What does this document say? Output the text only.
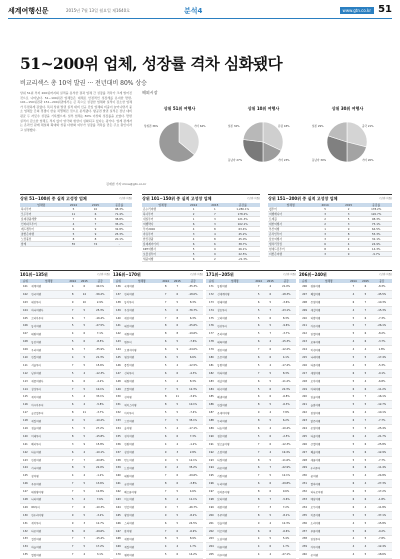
세계여행신문	2015년 7월 13일 월요일 제1640호	분석4	www.gtn.co.kr 51
51~200위 업체, 성장률 격차 심화됐다
비교리섹스 총 10억 발권 ··· 전년대비 80% 상승
상위 51위 부터 200위까지의 실적을 분석한 결과 업체 간 성장률 격차가 크게 벌어진 것으로 나타났다. 51~100위권 업체들은 대체로 안정적인 성장세를 유지한 반면, 101~150위권과 151~200위권에서는 큰 폭으로 성장한 업체와 실적이 감소한 업체가 뚜렷하게 갈렸다. 특히 상위 발권 실적 대비 신규 진입 업체의 비중이 늘어나면서 중소 업체들 간의 경쟁이 한층 치열해진 것으로 분석됐다. 항공권 발권 실적은 전년 대비 평균 두 자릿수 성장을 기록했으며, 일부 업체는 80% 이상의 성장률을 보였다. 반면 실적이 감소한 업체도 적지 않아 양극화 현상이 심화되고 있다는 평가다. 업계 관계자는 온라인 판매 채널의 확대와 상품 다변화 여부가 성장률 격차를 만든 주요 원인이라고 설명했다.
김재범 기자 mina@gtn.co.kr
해외시장
상위 51위 여행사
상위권 36%	기타 64%
상위 10위 여행사
일본 32%	유럽 18%
동남아 27%	기타 23%
상위 30위 여행사
일본 29%	중국 21%
동남아 30%	기타 20%
(단위:억원)
상위 51~100위 중 실적 고성장 업체
업체명	2014	2015	증감률
하나투어	5	10	98.3%
모두투어	11	6	71.4%
롯데관광개발	7	5	38.8%
인터파크투어	4	7	35.2%
레드캡투어	6	9	32.8%
참좋은여행	5	9	25.3%
노랑풍선	8	8	20.1%
합계	55	74	-
(단위:억원)
상위 101~150위 중 실적 고성장 업체
업체명	2014	2015	증감률
온누리여행	1	1	1,280.1%
하나투어	2	7	178.2%
내일투어	1	3	121.3%
여행박사	6	3	102.1%
투어2000	4	8	63.4%
자유투어	3	4	45.2%
한진관광	4	8	45.0%
롯데제이티비	6	6	38.7%
KRT여행사	5	9	26.1%
보물섬투어	5	9	22.5%
세중여행	6	2	-21.3%
(단위:억원)
상위 151~200위 중 실적 고성장 업체
업체명	2014	2015	증감률
웹투어	5	2	178.2%
여행매니아	3	3	120.7%
트래블	2	5	98.3%
대한여행사	2	3	75.1%
부산여행	1	9	64.5%
온라인투어	3	8	55.3%
삼호여행사	3	2	32.1%
땡처리닷컴	6	4	24.9%
현대드림투어	8	4	14.3%
더좋은여행	3	9	-9.7%
(단위:억원)
101위~135위
순위	업체명	2014	2015	증감
101	세계여행	4	6	40.1%
102	한국여행	8	14	-56.2%
103	대한투어	9	10	2.9%
104	하나여행사	7	5	25.3%
105	코리아투어	6	7	-16.4%
106	동서여행	5	5	-27.5%
107	태양여행	4	6	7.1%
108	동보여행	5	6	-8.5%
109	우리여행	6	7	-35.9%
110	한일여행	4	5	21.3%
111	서울투어	7	5	15.6%
112	남부여행	5	4	-12.3%
113	세종여행사	6	6	-4.2%
114	삼성투어	7	5	10.1%
115	제이여행	5	4	33.1%
116	아시아투어	6	4	-5.8%
117	글로벌투어	8	11	-3.7%
118	세일여행	9	5	-10.2%
119	청솔여행	5	5	27.2%
120	미래투어	8	5	-15.8%
121	해피투어	3	9	15.8%
122	다솜여행	6	4	-10.1%
123	한빛여행	7	7	-20.8%
124	가나여행	8	5	22.0%
125	참여행	4	4	-1.2%
126	푸른여행	7	5	13.6%
127	태평양여행	7	5	12.8%
128	나라여행	5	4	7.6%
129	OK투어	7	6	-10.3%
130	한누리여행	9	5	-3.2%
131	케이투어	9	3	12.7%
132	다온여행	8	6	-29.6%
133	엘림여행	7	7	-15.4%
134	하늘여행	7	5	17.2%
135	별빛여행	7	4	3.1%
(단위:억원)
136위~170위
순위	업체명	2014	2015	증감
136	국제여행	8	7	-35.3%
137	한라여행	7	6	-18.0%
138	동아투어	7	5	8.3%
139	우성여행	5	6	-76.7%
140	새한여행	7	8	6.3%
141	대림여행	8	6	-25.6%
142	세원여행	8	8	-19.6%
143	원투어	6	5	-7.6%
144	오렌지여행	6	9	-24.0%
145	명성여행	6	5	6.6%
146	중앙여행	5	4	-12.5%
147	신라투어	6	6	-4.3%
148	대원여행	5	4	8.3%
149	로얄여행	7	5	12.3%
150	진여행	8	11	-3.9%
151	에이스여행	8	5	10.1%
152	아이투어	5	5	-7.4%
153	그린여행	7	5	35.1%
154	솔여행	5	4	-17.1%
155	천지여행	6	6	7.3%
156	한양여행	4	4	-1.2%
157	상상여행	9	3	2.8%
158	반도여행	9	5	12.1%
159	드림여행	9	4	35.2%
160	대양여행	7	6	-29.6%
161	금강여행	8	6	-3.8%
162	해오름여행	7	5	4.6%
163	미소여행	8	4	11.1%
164	연합여행	9	7	-46.7%
165	광장여행	9	5	-8.2%
166	스타여행	6	5	24.5%
167	봄여행	7	6	-6.9%
168	세방여행	8	5	8.9%
169	제일여행	4	4	1.7%
170	행복여행	5	6	14.2%
(단위:억원)
171위~205위
순위	업체명	2014	2015	증감
171	동양여행	7	4	21.0%
172	신세계여행	5	6	-18.3%
173	현대여행	6	5	-3.6%
174	삼호투어	5	7	-23.1%
175	고려여행	5	6	8.3%
176	한진투어	6	5	-9.6%
177	은하여행	5	7	-3.7%
178	대륙여행	6	4	-15.3%
179	경인여행	7	6	-12.2%
180	조은여행	6	6	4.1%
181	동방여행	5	4	-17.4%
182	바다여행	7	5	8.3%
183	새날여행	6	5	-11.2%
184	태극여행	5	6	22.3%
185	해냄여행	6	6	-6.8%
186	한결여행	8	5	-6.3%
187	온새미여행	9	4	7.8%
188	두리여행	8	5	6.2%
189	나눔여행	6	4	-10.4%
190	청춘여행	5	6	-2.5%
191	빛고을여행	7	6	-12.3%
192	소망여행	7	4	19.4%
193	다정여행	8	5	-11.6%
194	라온여행	6	7	-22.9%
195	가람여행	7	5	12.1%
196	누리여행	6	6	-29.8%
197	한마음여행	8	6	9.6%
198	보라여행	8	7	-5.6%
199	새봄여행	7	3	7.2%
200	우주여행	8	5	-8.1%
201	한솔여행	9	4	12.3%
202	미르여행	6	6	-6.6%
203	도담여행	4	5	5.4%
204	아름여행	4	6	1.7%
205	마루여행	4	4	-27.1%
(단위:억원)
206위~240위
순위	업체명	2014	2015	증감
206	평화여행	7	6	-8.3%
207	해밀여행	4	5	-45.5%
208	은빛여행	6	7	-10.3%
209	새길여행	4	7	-15.3%
210	하람여행	5	6	-7.3%
211	가온여행	5	7	-26.1%
212	한별여행	5	6	-8.2%
213	초록여행	4	6	-3.7%
214	비전여행	4	4	1.8%
215	나래여행	5	5	-17.4%
216	다움여행	4	5	-5.3%
217	새빛여행	6	5	-9.1%
218	모아여행	5	4	-6.8%
219	아띠여행	6	6	-11.2%
220	한울여행	5	7	-16.1%
221	늘봄여행	5	5	-12.7%
222	참빛여행	6	4	-10.1%
223	맑은여행	6	7	-7.7%
224	온빛여행	5	5	-25.4%
225	다올여행	6	4	-21.7%
226	큰별여행	5	6	-25.8%
227	해솔여행	5	6	-12.9%
228	새롬여행	5	5	-7.7%
229	누리투어	6	6	-11.4%
230	꿈여행	5	4	-24.8%
231	별하여행	6	4	-27.3%
232	하나로여행	6	5	-17.2%
233	예담여행	6	6	-1.8%
234	모두여행	6	4	-11.8%
235	이음여행	5	5	-37.1%
236	소리여행	4	5	-15.8%
237	푸름여행	5	6	-9.2%
238	한빛투어	4	5	-7.8%
239	가득여행	4	4	-12.4%
240	온여행	4	5	-18.6%
